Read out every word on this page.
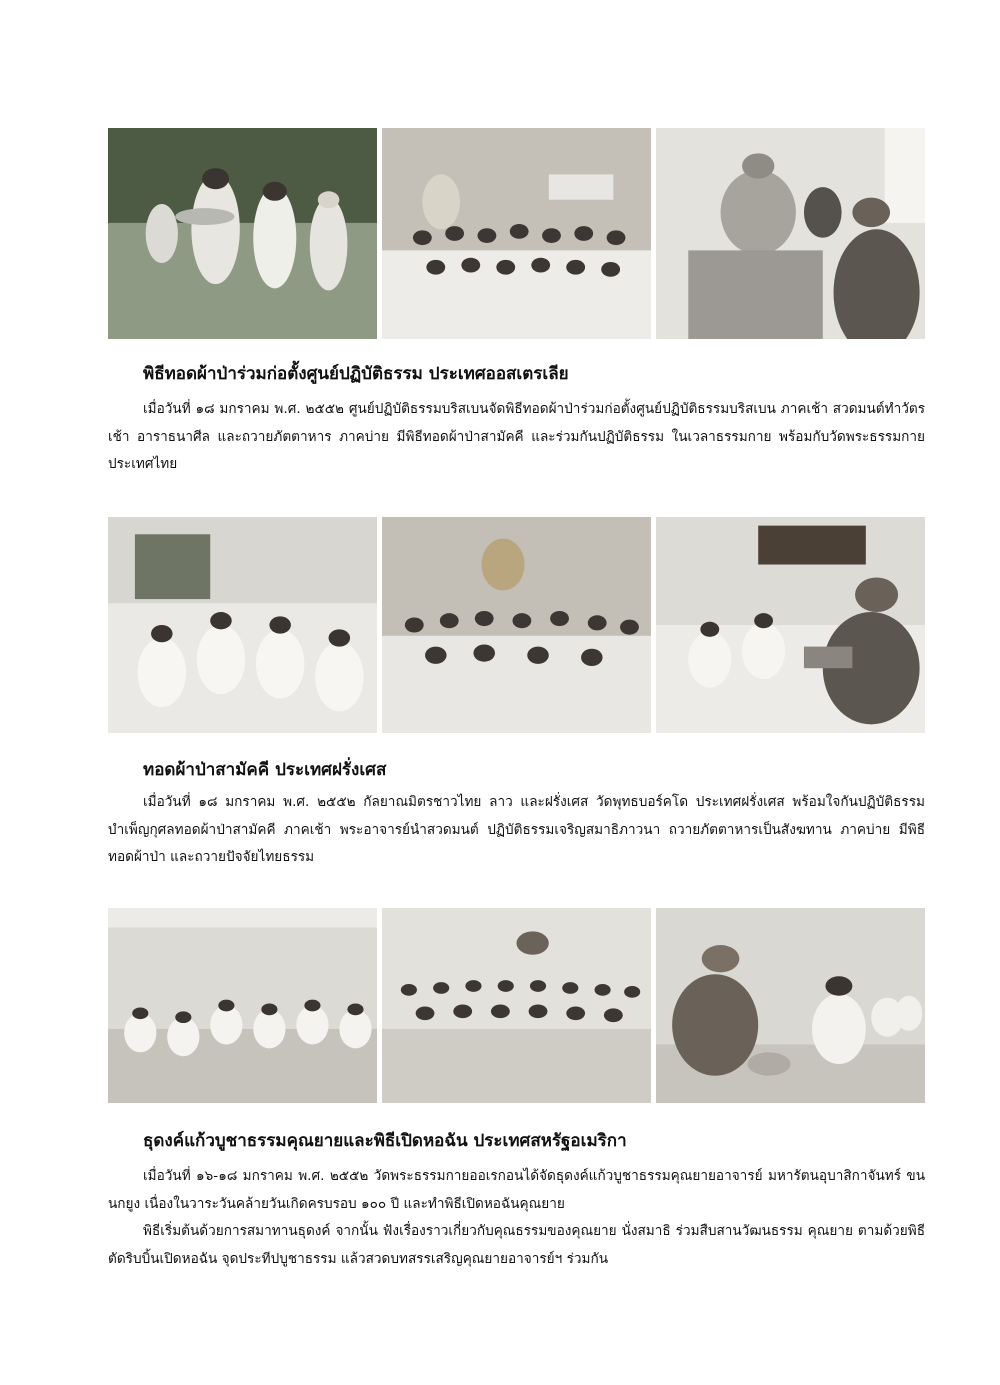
พิธีทอดผ้าป่าร่วมก่อตั้งศูนย์ปฏิบัติธรรม ประเทศออสเตรเลีย

เมื่อวันที่ ๑๘ มกราคม พ.ศ. ๒๕๕๒ ศูนย์ปฏิบัติธรรมบริสเบนจัดพิธีทอดผ้าป่าร่วมก่อตั้งศูนย์ปฏิบัติธรรมบริสเบน ภาคเช้า สวดมนต์ทำวัตรเช้า อาราธนาศีล และถวายภัตตาหาร ภาคบ่าย มีพิธีทอดผ้าป่าสามัคคี และร่วมกันปฏิบัติธรรม ในเวลาธรรมกาย พร้อมกับวัดพระธรรมกาย ประเทศไทย

ทอดผ้าป่าสามัคคี ประเทศฝรั่งเศส

เมื่อวันที่ ๑๘ มกราคม พ.ศ. ๒๕๕๒ กัลยาณมิตรชาวไทย ลาว และฝรั่งเศส วัดพุทธบอร์คโด ประเทศฝรั่งเศส พร้อมใจกันปฏิบัติธรรม บำเพ็ญกุศลทอดผ้าป่าสามัคคี ภาคเช้า พระอาจารย์นำสวดมนต์ ปฏิบัติธรรมเจริญสมาธิภาวนา ถวายภัตตาหารเป็นสังฆทาน ภาคบ่าย มีพิธีทอดผ้าป่า และถวายปัจจัยไทยธรรม

ธุดงค์แก้วบูชาธรรมคุณยายและพิธีเปิดหอฉัน ประเทศสหรัฐอเมริกา

เมื่อวันที่ ๑๖-๑๘ มกราคม พ.ศ. ๒๕๕๒ วัดพระธรรมกายออเรกอนได้จัดธุดงค์แก้วบูชาธรรมคุณยายอาจารย์ มหารัตนอุบาสิกาจันทร์ ขนนกยูง เนื่องในวาระวันคล้ายวันเกิดครบรอบ ๑๐๐ ปี และทำพิธีเปิดหอฉันคุณยาย

พิธีเริ่มต้นด้วยการสมาทานธุดงค์ จากนั้น ฟังเรื่องราวเกี่ยวกับคุณธรรมของคุณยาย นั่งสมาธิ ร่วมสืบสานวัฒนธรรม คุณยาย ตามด้วยพิธีตัดริบบิ้นเปิดหอฉัน จุดประทีปบูชาธรรม แล้วสวดบทสรรเสริญคุณยายอาจารย์ฯ ร่วมกัน
